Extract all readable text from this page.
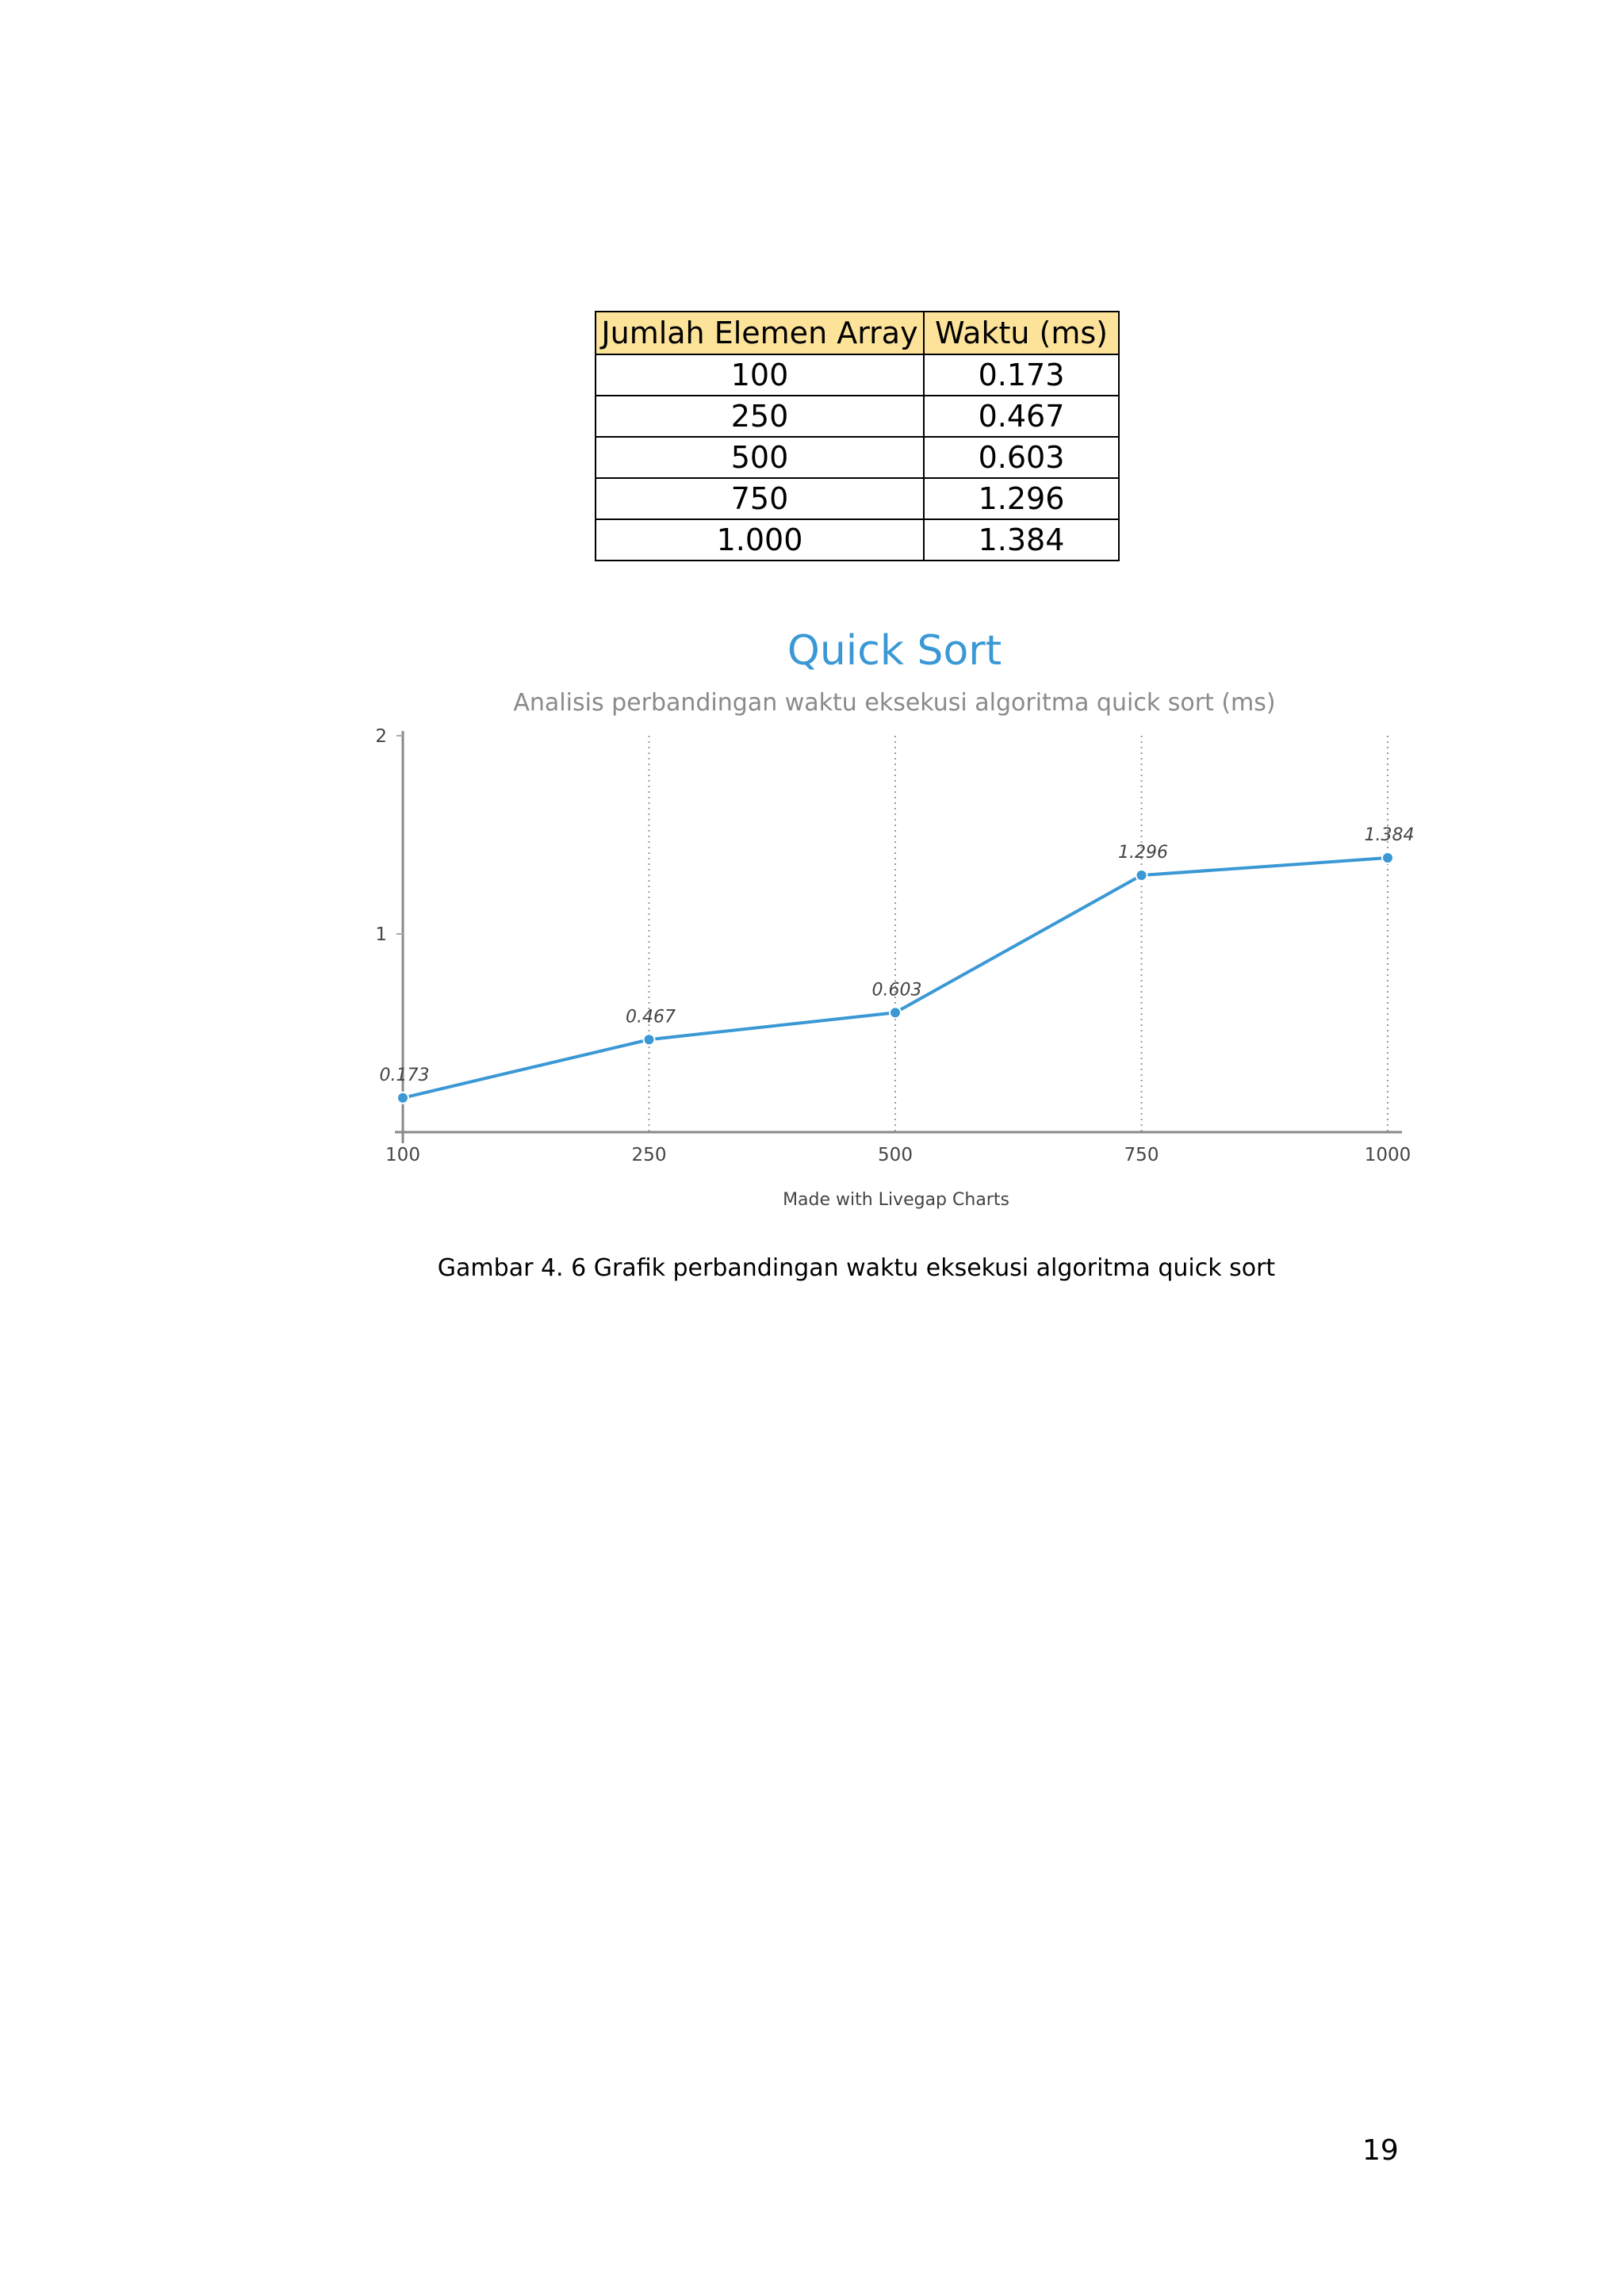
Jumlah Elemen Array	Waktu (ms)
100	0.173
250	0.467
500	0.603
750	1.296
1.000	1.384
Quick Sort
Analisis perbandingan waktu eksekusi algoritma quick sort (ms)
1
2
100	250	500	750	1000
0.173
0.467
0.603
1.296
1.384
Made with Livegap Charts
Gambar 4. 6 Grafik perbandingan waktu eksekusi algoritma quick sort
19
